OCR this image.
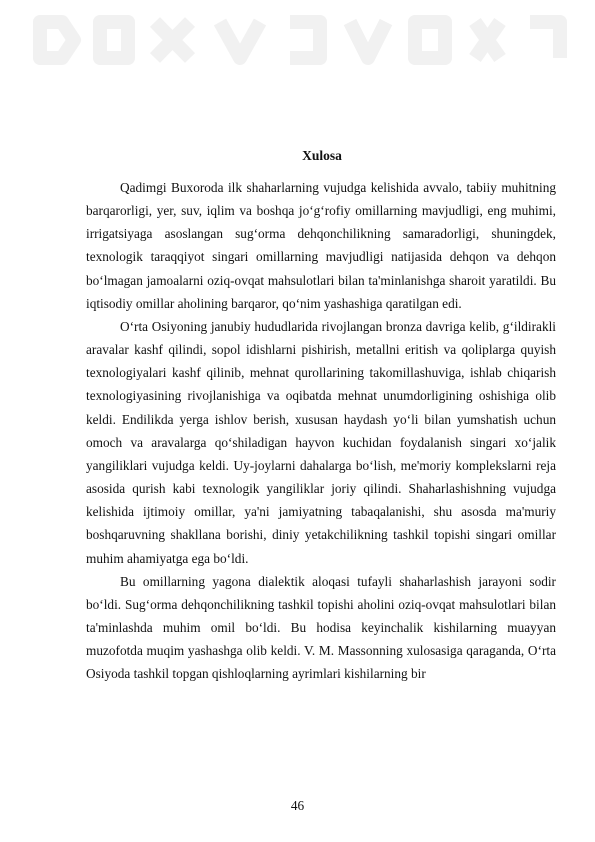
Xulosa

Qadimgi Buxoroda ilk shaharlarning vujudga kelishida avvalo, tabiiy muhitning barqarorligi, yer, suv, iqlim va boshqa jo‘g‘rofiy omillarning mavjudligi, eng muhimi, irrigatsiyaga asoslangan sug‘orma dehqonchilikning samaradorligi, shuningdek, texnologik taraqqiyot singari omillarning mavjudligi natijasida dehqon va dehqon bo‘lmagan jamoalarni oziq-ovqat mahsulotlari bilan ta'minlanishga sharoit yaratildi. Bu iqtisodiy omillar aholining barqaror, qo‘nim yashashiga qaratilgan edi.

O‘rta Osiyoning janubiy hududlarida rivojlangan bronza davriga kelib, g‘ildirakli aravalar kashf qilindi, sopol idishlarni pishirish, metallni eritish va qoliplarga quyish texnologiyalari kashf qilinib, mehnat qurollarining takomillashuviga, ishlab chiqarish texnologiyasining rivojlanishiga va oqibatda mehnat unumdorligining oshishiga olib keldi. Endilikda yerga ishlov berish, xususan haydash yo‘li bilan yumshatish uchun omoch va aravalarga qo‘shiladigan hayvon kuchidan foydalanish singari xo‘jalik yangiliklari vujudga keldi. Uy-joylarni dahalarga bo‘lish, me'moriy komplekslarni reja asosida qurish kabi texnologik yangiliklar joriy qilindi. Shaharlashishning vujudga kelishida ijtimoiy omillar, ya'ni jamiyatning tabaqalanishi, shu asosda ma'muriy boshqaruvning shakllana borishi, diniy yetakchilikning tashkil topishi singari omillar muhim ahamiyatga ega bo‘ldi.

Bu omillarning yagona dialektik aloqasi tufayli shaharlashish jarayoni sodir bo‘ldi. Sug‘orma dehqonchilikning tashkil topishi aholini oziq-ovqat mahsulotlari bilan ta'minlashda muhim omil bo‘ldi. Bu hodisa keyinchalik kishilarning muayyan muzofotda muqim yashashga olib keldi. V. M. Massonning xulosasiga qaraganda, O‘rta Osiyoda tashkil topgan qishloqlarning ayrimlari kishilarning bir

46
